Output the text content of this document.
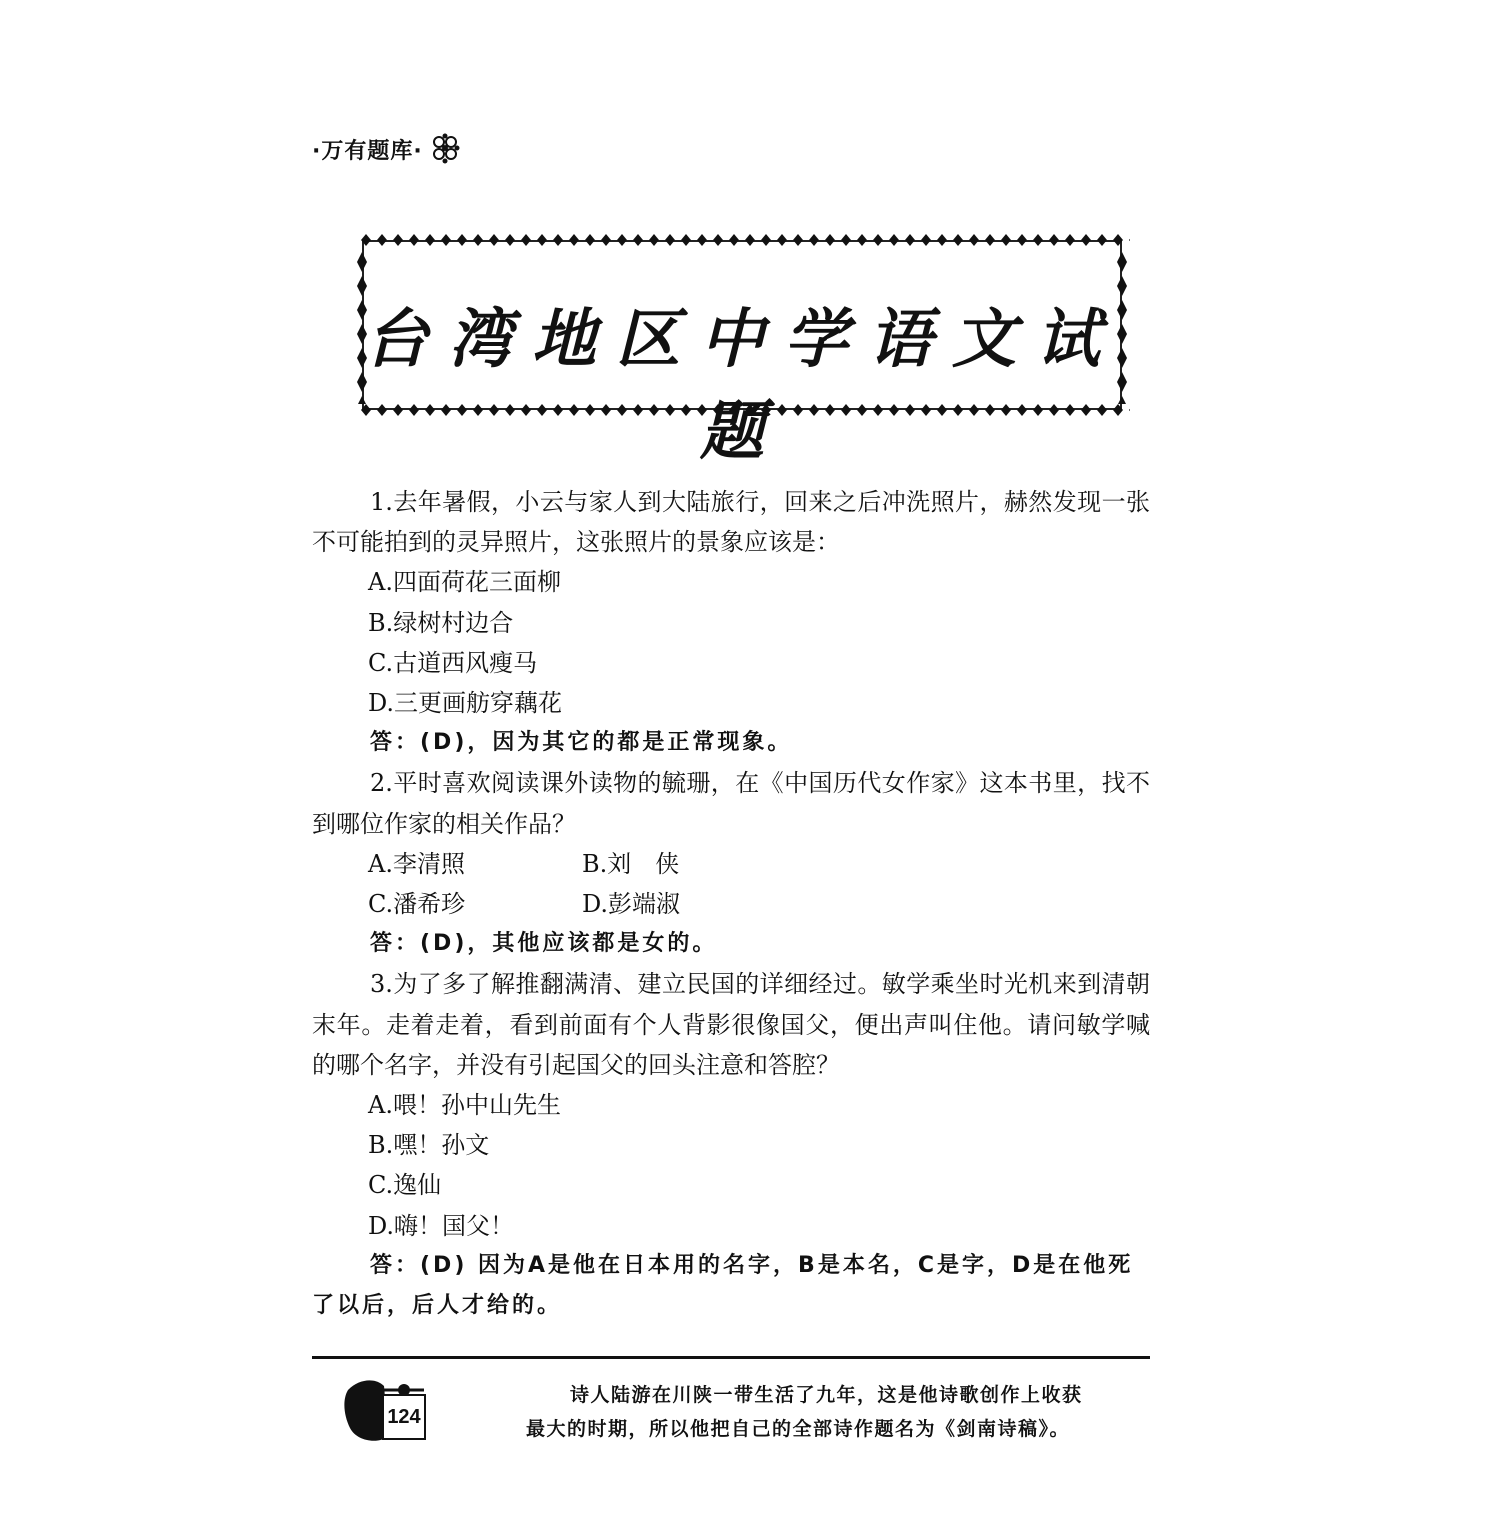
·万有题库·
台湾地区中学语文试题

1.去年暑假，小云与家人到大陆旅行，回来之后冲洗照片，赫然发现一张不可能拍到的灵异照片，这张照片的景象应该是：

A.四面荷花三面柳

B.绿树村边合

C.古道西风瘦马

D.三更画舫穿藕花

答：(D)，因为其它的都是正常现象。

2.平时喜欢阅读课外读物的毓珊，在《中国历代女作家》这本书里，找不到哪位作家的相关作品？

A.李清照	B.刘　侠
C.潘希珍	D.彭端淑

答：(D)，其他应该都是女的。

3.为了多了解推翻满清、建立民国的详细经过。敏学乘坐时光机来到清朝末年。走着走着，看到前面有个人背影很像国父，便出声叫住他。请问敏学喊的哪个名字，并没有引起国父的回头注意和答腔？

A.喂！孙中山先生

B.嘿！孙文

C.逸仙

D.嗨！国父！

答：(D) 因为A是他在日本用的名字，B是本名，C是字，D是在他死了以后，后人才给的。

124
诗人陆游在川陕一带生活了九年，这是他诗歌创作上收获
最大的时期，所以他把自己的全部诗作题名为《剑南诗稿》。
